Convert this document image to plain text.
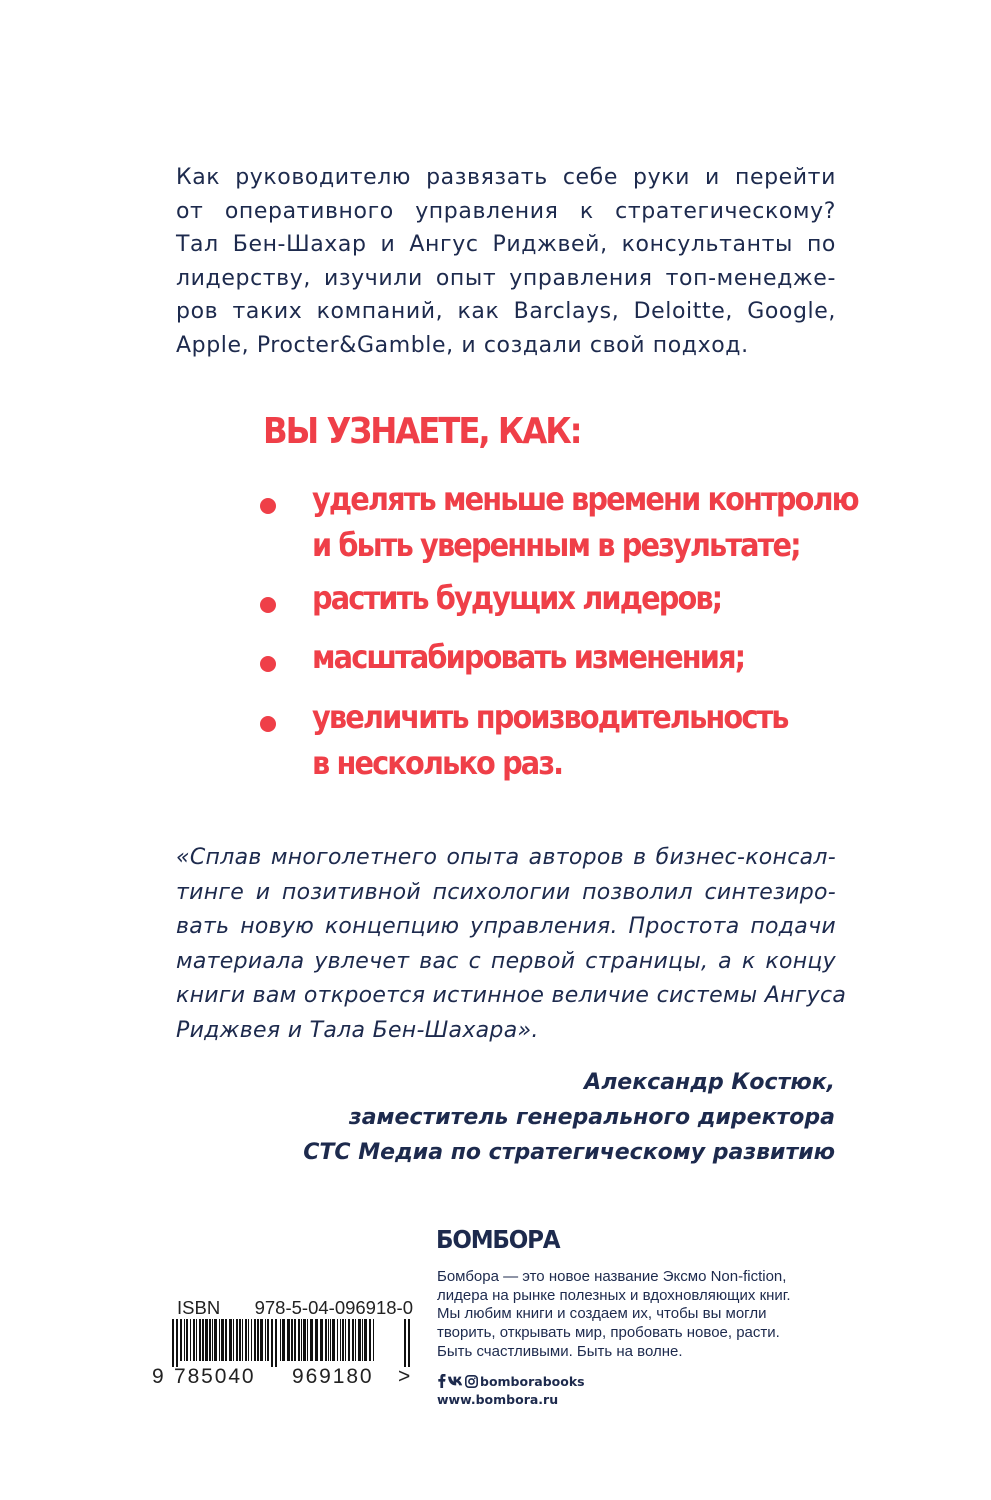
Как руководителю развязать себе руки и перейти
от оперативного управления к стратегическому?
Тал Бен-Шахар и Ангус Риджвей, консультанты по
лидерству, изучили опыт управления топ-менедже-
ров таких компаний, как Barclays, Deloitte, Google,
Apple, Procter&Gamble, и создали свой подход.

ВЫ УЗНАЕТЕ, КАК:
уделять меньше времени контролю
и быть уверенным в результате;
растить будущих лидеров;
масштабировать изменения;
увеличить производительность
в несколько раз.

«Сплав многолетнего опыта авторов в бизнес-консал-
тинге и позитивной психологии позволил синтезиро-
вать новую концепцию управления. Простота подачи
материала увлечет вас с первой страницы, а к концу
книги вам откроется истинное величие системы Ангуса
Риджвея и Тала Бен-Шахара».

Александр Костюк,
заместитель генерального директора
СТС Медиа по стратегическому развитию

ISBN 978-5-04-096918-0

9 785040 969180 >
БОМБОРА

Бомбора — это новое название Эксмо Non-fiction,
лидера на рынке полезных и вдохновляющих книг.
Мы любим книги и создаем их, чтобы вы могли
творить, открывать мир, пробовать новое, расти.
Быть счастливыми. Быть на волне.

bomborabooks

www.bombora.ru
